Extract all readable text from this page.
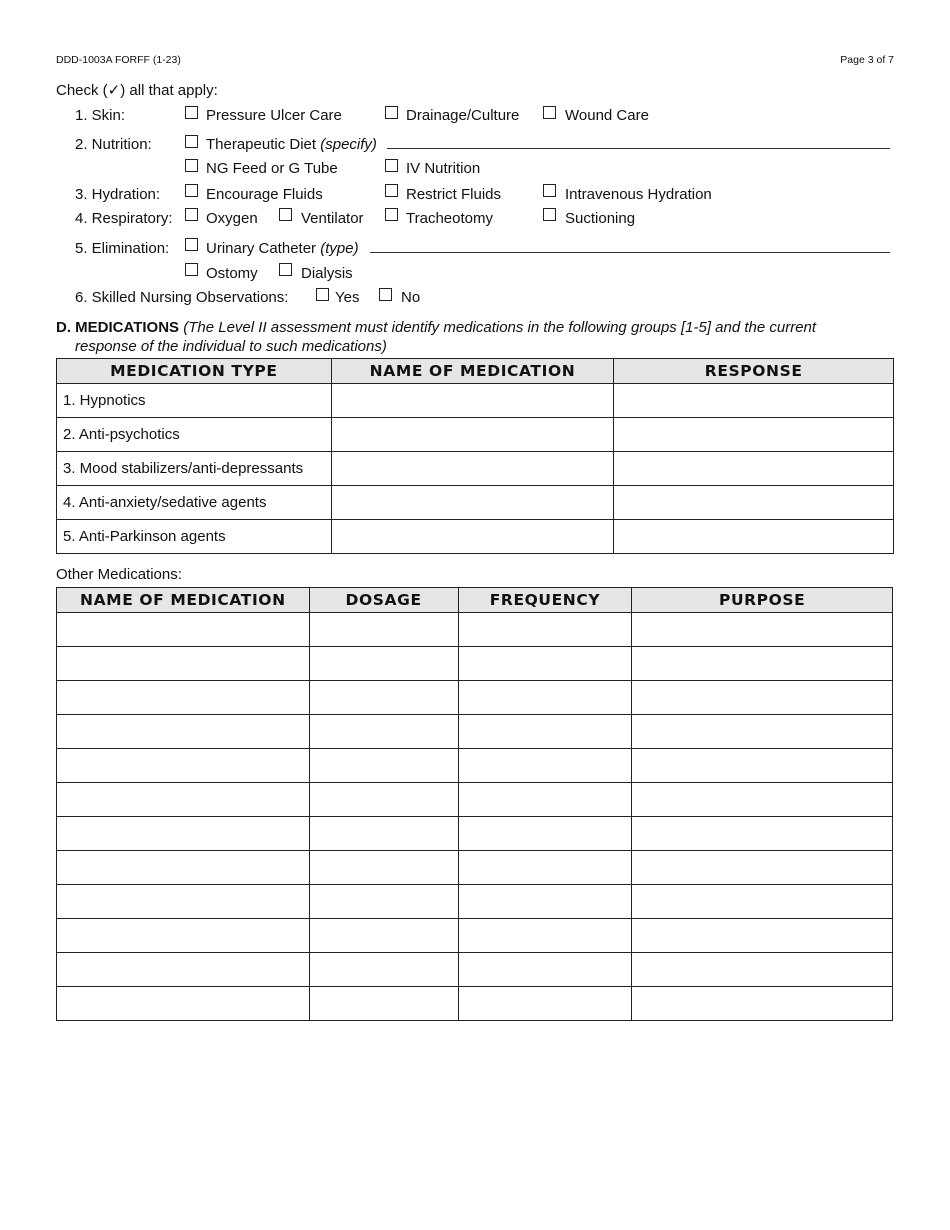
DDD-1003A FORFF (1-23)	Page 3 of 7
Check (✓) all that apply:
1. Skin:	Pressure Ulcer Care	Drainage/Culture	Wound Care
2. Nutrition:	Therapeutic Diet (specify)
NG Feed or G Tube	IV Nutrition
3. Hydration:	Encourage Fluids	Restrict Fluids	Intravenous Hydration
4. Respiratory: Oxygen	Ventilator	Tracheotomy	Suctioning
5. Elimination: Urinary Catheter (type)
Ostomy	Dialysis
6. Skilled Nursing Observations:	Yes	No
D. MEDICATIONS (The Level II assessment must identify medications in the following groups [1-5] and the current
response of the individual to such medications)
MEDICATION TYPE	NAME OF MEDICATION	RESPONSE
1. Hypnotics		
2. Anti-psychotics		
3. Mood stabilizers/anti-depressants		
4. Anti-anxiety/sedative agents		
5. Anti-Parkinson agents		
Other Medications:
NAME OF MEDICATION	DOSAGE	FREQUENCY	PURPOSE
